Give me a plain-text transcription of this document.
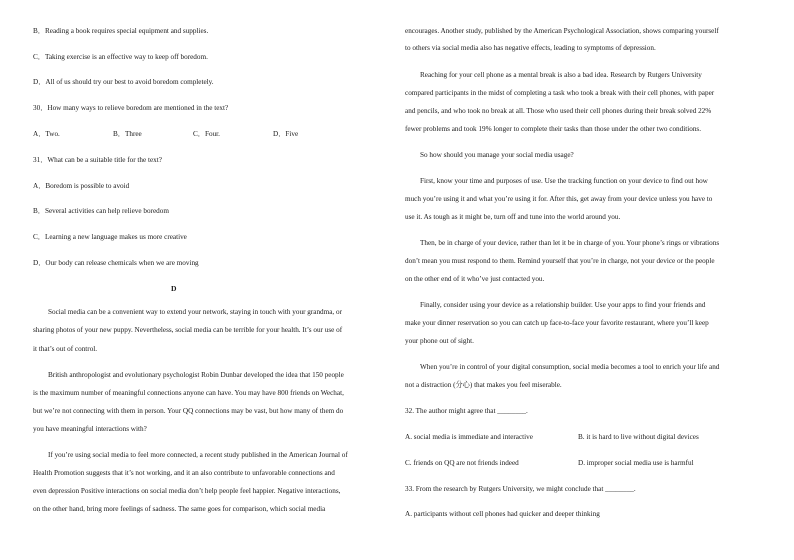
B．Reading a book requires special equipment and supplies.
C．Taking exercise is an effective way to keep off boredom.
D．All of us should try our best to avoid boredom completely.
30．How many ways to relieve boredom are mentioned in the text?
A．Two.	B．Three	C．Four.	D．Five
31．What can be a suitable title for the text?
A．Boredom is possible to avoid
B．Several activities can help relieve boredom
C．Learning a new language makes us more creative
D．Our body can release chemicals when we are moving
D
Social media can be a convenient way to extend your network, staying in touch with your grandma, or
sharing photos of your new puppy. Nevertheless, social media can be terrible for your health. It’s our use of
it that’s out of control.
British anthropologist and evolutionary psychologist Robin Dunbar developed the idea that 150 people
is the maximum number of meaningful connections anyone can have. You may have 800 friends on Wechat,
but we’re not connecting with them in person. Your QQ connections may be vast, but how many of them do
you have meaningful interactions with?
If you’re using social media to feel more connected, a recent study published in the American Journal of
Health Promotion suggests that it’s not working, and it an also contribute to unfavorable connections and
even depression Positive interactions on social media don’t help people feel happier. Negative interactions,
on the other hand, bring more feelings of sadness. The same goes for comparison, which social media
encourages. Another study, published by the American Psychological Association, shows comparing yourself
to others via social media also has negative effects, leading to symptoms of depression.
Reaching for your cell phone as a mental break is also a bad idea. Research by Rutgers University
compared participants in the midst of completing a task who took a break with their cell phones, with paper
and pencils, and who took no break at all. Those who used their cell phones during their break solved 22%
fewer problems and took 19% longer to complete their tasks than those under the other two conditions.
So how should you manage your social media usage?
First, know your time and purposes of use. Use the tracking function on your device to find out how
much you’re using it and what you’re using it for. After this, get away from your device unless you have to
use it. As tough as it might be, turn off and tune into the world around you.
Then, be in charge of your device, rather than let it be in charge of you. Your phone’s rings or vibrations
don’t mean you must respond to them. Remind yourself that you’re in charge, not your device or the people
on the other end of it who’ve just contacted you.
Finally, consider using your device as a relationship builder. Use your apps to find your friends and
make your dinner reservation so you can catch up face-to-face your favorite restaurant, where you’ll keep
your phone out of sight.
When you’re in control of your digital consumption, social media becomes a tool to enrich your life and
not a distraction (分心) that makes you feel miserable.
32. The author might agree that ________.
A. social media is immediate and interactive	B. it is hard to live without digital devices
C. friends on QQ are not friends indeed	D. improper social media use is harmful
33. From the research by Rutgers University, we might conclude that ________.
A. participants without cell phones had quicker and deeper thinking
